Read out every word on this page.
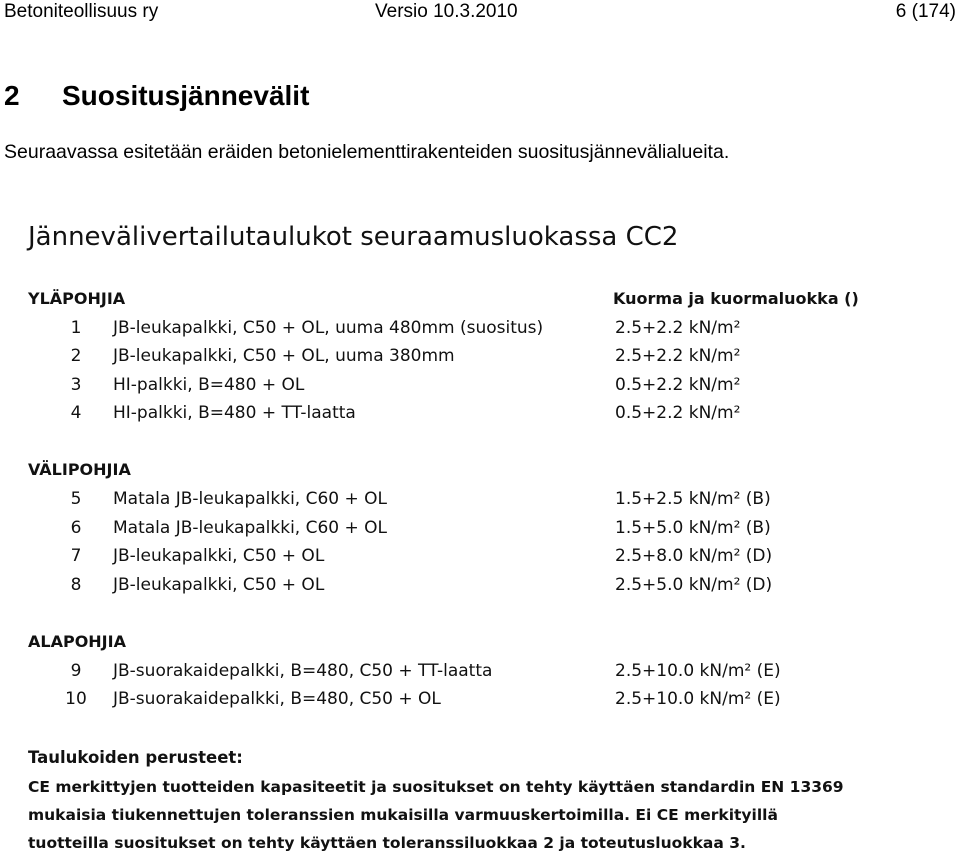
Betoniteollisuus ry	Versio 10.3.2010	6 (174)
2 Suositusjännevälit
Seuraavassa esitetään eräiden betonielementtirakenteiden suositusjännevälialueita.
Jännevälivertailutaulukot seuraamusluokassa CC2
YLÄPOHJIA	Kuorma ja kuormaluokka ()
1	JB-leukapalkki, C50 + OL, uuma 480mm (suositus)	2.5+2.2 kN/m²
2	JB-leukapalkki, C50 + OL, uuma 380mm	2.5+2.2 kN/m²
3	HI-palkki, B=480 + OL	0.5+2.2 kN/m²
4	HI-palkki, B=480 + TT-laatta	0.5+2.2 kN/m²
VÄLIPOHJIA
5	Matala JB-leukapalkki, C60 + OL	1.5+2.5 kN/m² (B)
6	Matala JB-leukapalkki, C60 + OL	1.5+5.0 kN/m² (B)
7	JB-leukapalkki, C50 + OL	2.5+8.0 kN/m² (D)
8	JB-leukapalkki, C50 + OL	2.5+5.0 kN/m² (D)
ALAPOHJIA
9	JB-suorakaidepalkki, B=480, C50 + TT-laatta	2.5+10.0 kN/m² (E)
10	JB-suorakaidepalkki, B=480, C50 + OL	2.5+10.0 kN/m² (E)
Taulukoiden perusteet:
CE merkittyjen tuotteiden kapasiteetit ja suositukset on tehty käyttäen standardin EN 13369
mukaisia tiukennettujen toleranssien mukaisilla varmuuskertoimilla. Ei CE merkityillä
tuotteilla suositukset on tehty käyttäen toleranssiluokkaa 2 ja toteutusluokkaa 3.
